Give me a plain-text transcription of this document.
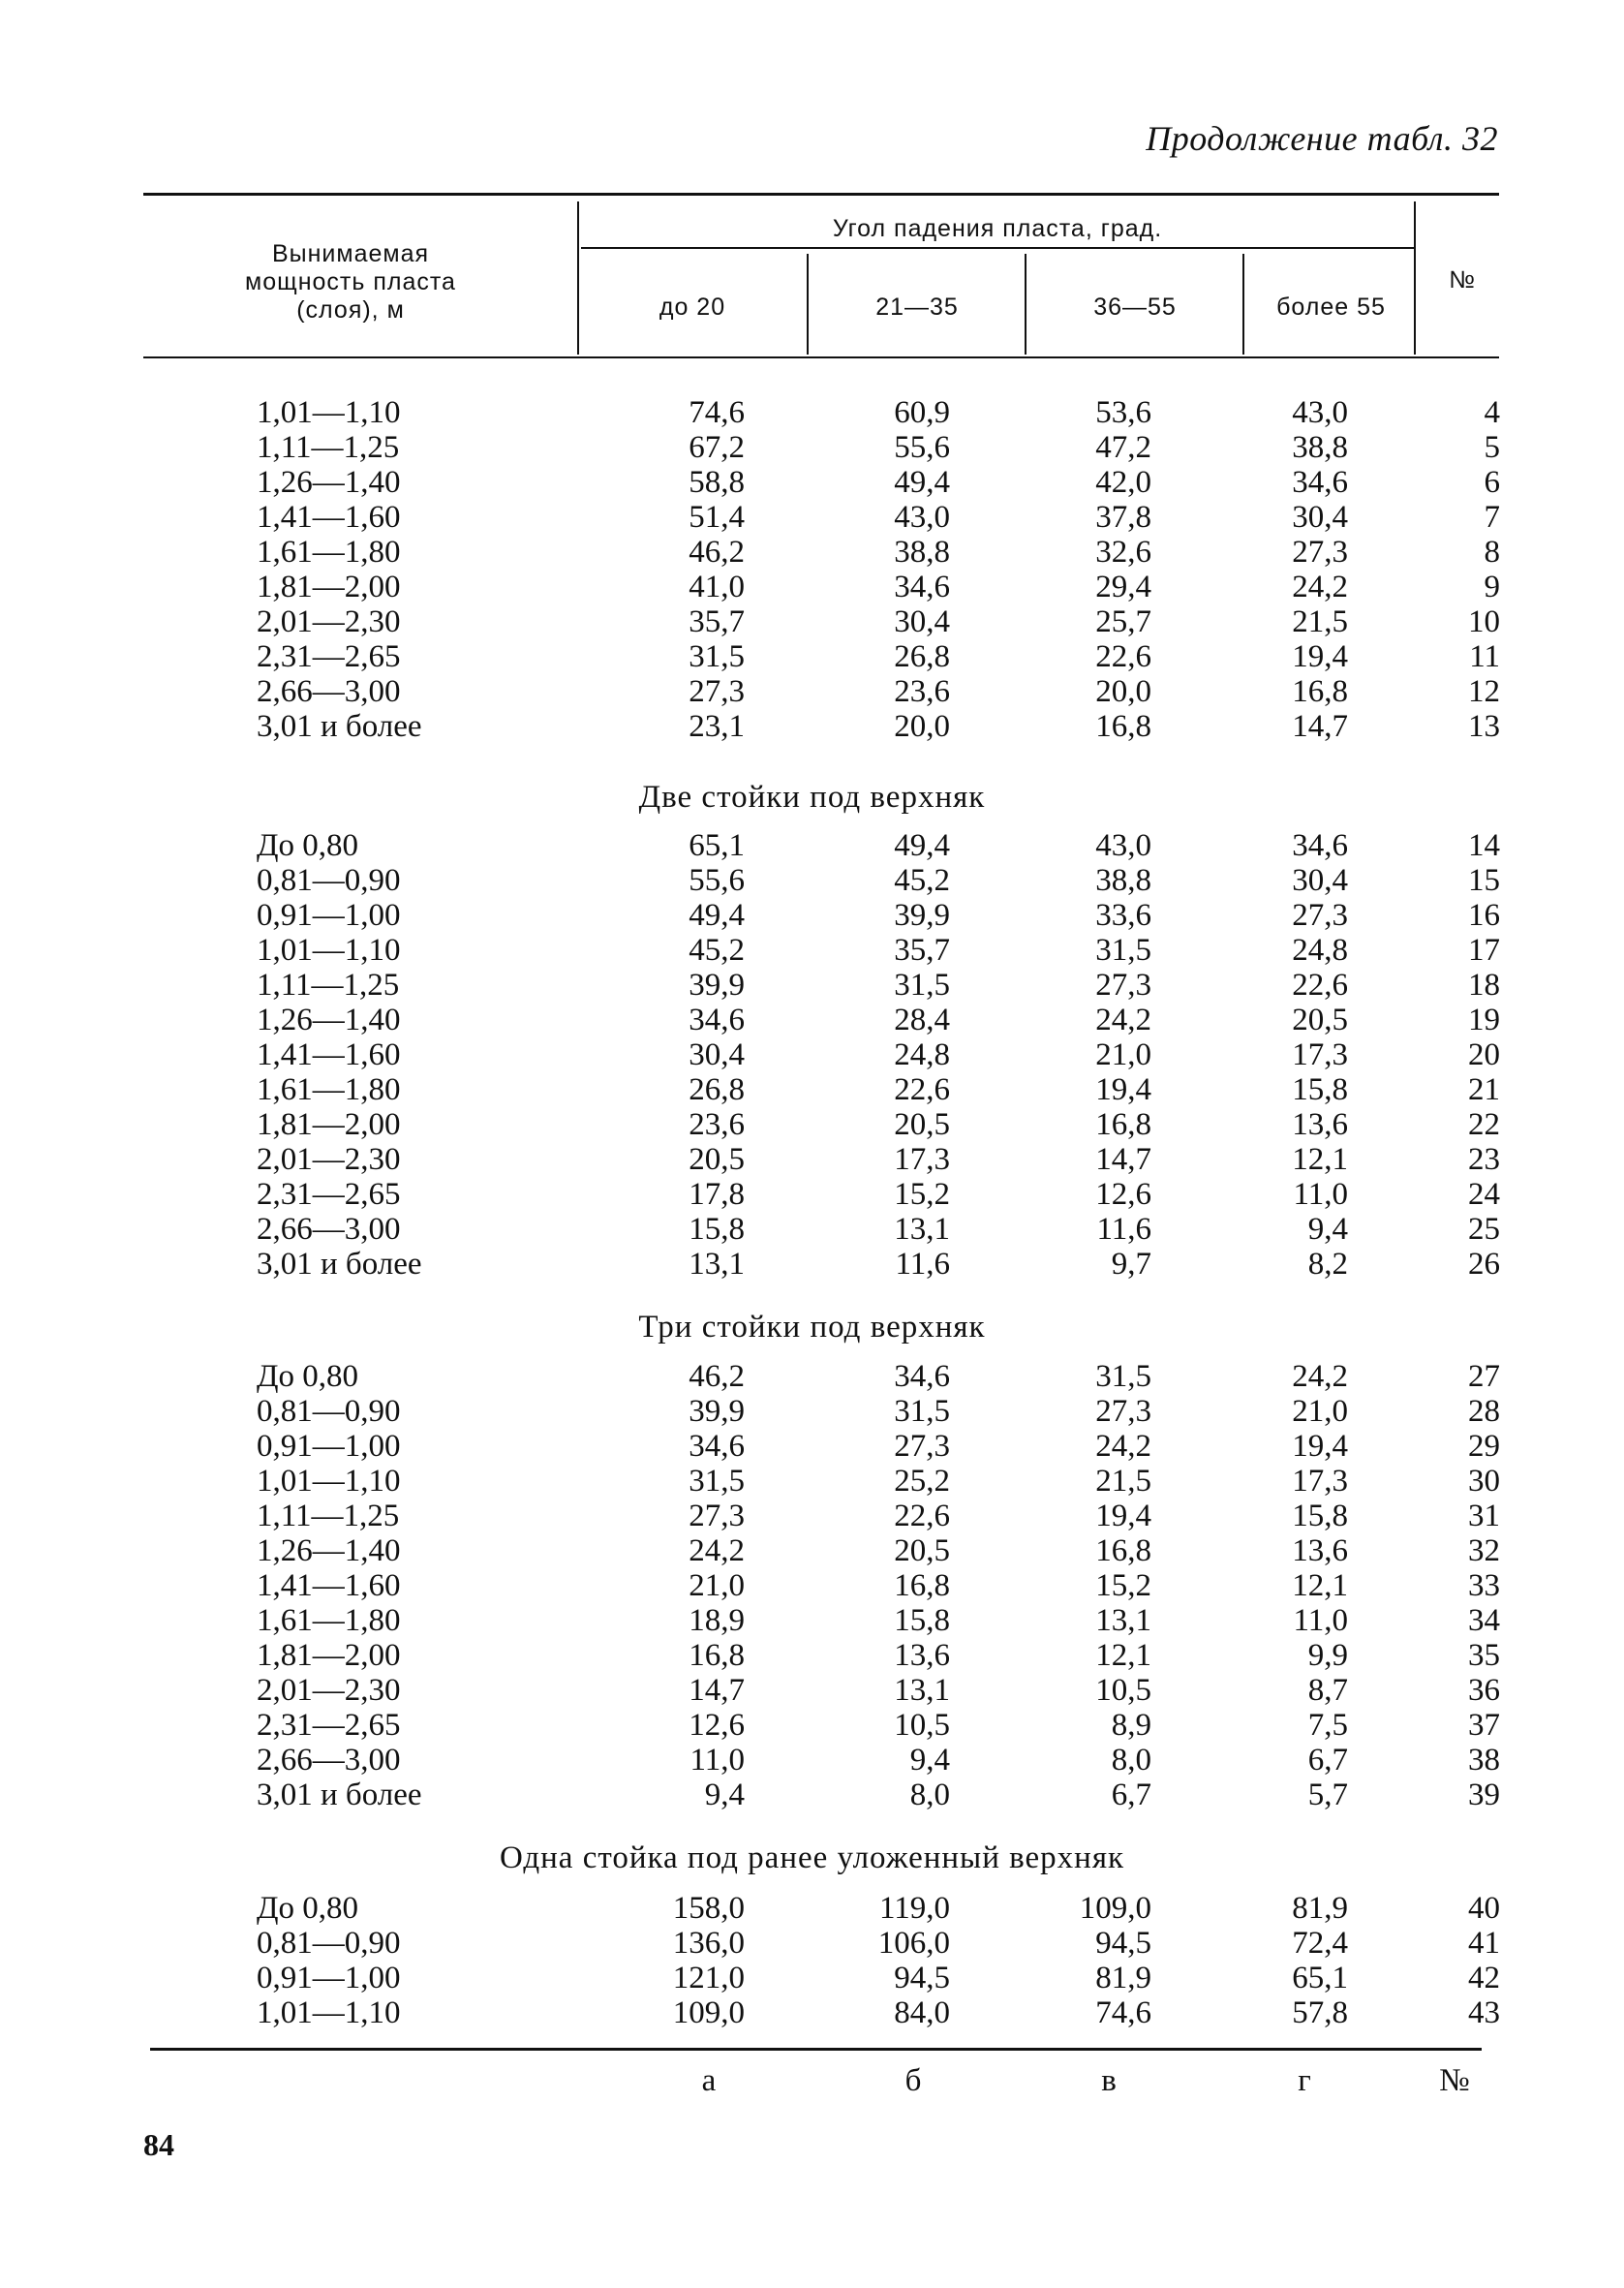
Продолжение табл. 32
Вынимаемая мощность пласта (слоя), м
Угол падения пласта, град.
до 20	21—35	36—55	более 55
№
Две стойки под верхняк
Три стойки под верхняк
Одна стойка под ранее уложенный верхняк
1,01—1,10	74,6	60,9	53,6	43,0	4
1,11—1,25	67,2	55,6	47,2	38,8	5
1,26—1,40	58,8	49,4	42,0	34,6	6
1,41—1,60	51,4	43,0	37,8	30,4	7
1,61—1,80	46,2	38,8	32,6	27,3	8
1,81—2,00	41,0	34,6	29,4	24,2	9
2,01—2,30	35,7	30,4	25,7	21,5	10
2,31—2,65	31,5	26,8	22,6	19,4	11
2,66—3,00	27,3	23,6	20,0	16,8	12
3,01 и более	23,1	20,0	16,8	14,7	13
До 0,80	65,1	49,4	43,0	34,6	14
0,81—0,90	55,6	45,2	38,8	30,4	15
0,91—1,00	49,4	39,9	33,6	27,3	16
1,01—1,10	45,2	35,7	31,5	24,8	17
1,11—1,25	39,9	31,5	27,3	22,6	18
1,26—1,40	34,6	28,4	24,2	20,5	19
1,41—1,60	30,4	24,8	21,0	17,3	20
1,61—1,80	26,8	22,6	19,4	15,8	21
1,81—2,00	23,6	20,5	16,8	13,6	22
2,01—2,30	20,5	17,3	14,7	12,1	23
2,31—2,65	17,8	15,2	12,6	11,0	24
2,66—3,00	15,8	13,1	11,6	9,4	25
3,01 и более	13,1	11,6	9,7	8,2	26
До 0,80	46,2	34,6	31,5	24,2	27
0,81—0,90	39,9	31,5	27,3	21,0	28
0,91—1,00	34,6	27,3	24,2	19,4	29
1,01—1,10	31,5	25,2	21,5	17,3	30
1,11—1,25	27,3	22,6	19,4	15,8	31
1,26—1,40	24,2	20,5	16,8	13,6	32
1,41—1,60	21,0	16,8	15,2	12,1	33
1,61—1,80	18,9	15,8	13,1	11,0	34
1,81—2,00	16,8	13,6	12,1	9,9	35
2,01—2,30	14,7	13,1	10,5	8,7	36
2,31—2,65	12,6	10,5	8,9	7,5	37
2,66—3,00	11,0	9,4	8,0	6,7	38
3,01 и более	9,4	8,0	6,7	5,7	39
До 0,80	158,0	119,0	109,0	81,9	40
0,81—0,90	136,0	106,0	94,5	72,4	41
0,91—1,00	121,0	94,5	81,9	65,1	42
1,01—1,10	109,0	84,0	74,6	57,8	43
а	б	в	г	№
84
